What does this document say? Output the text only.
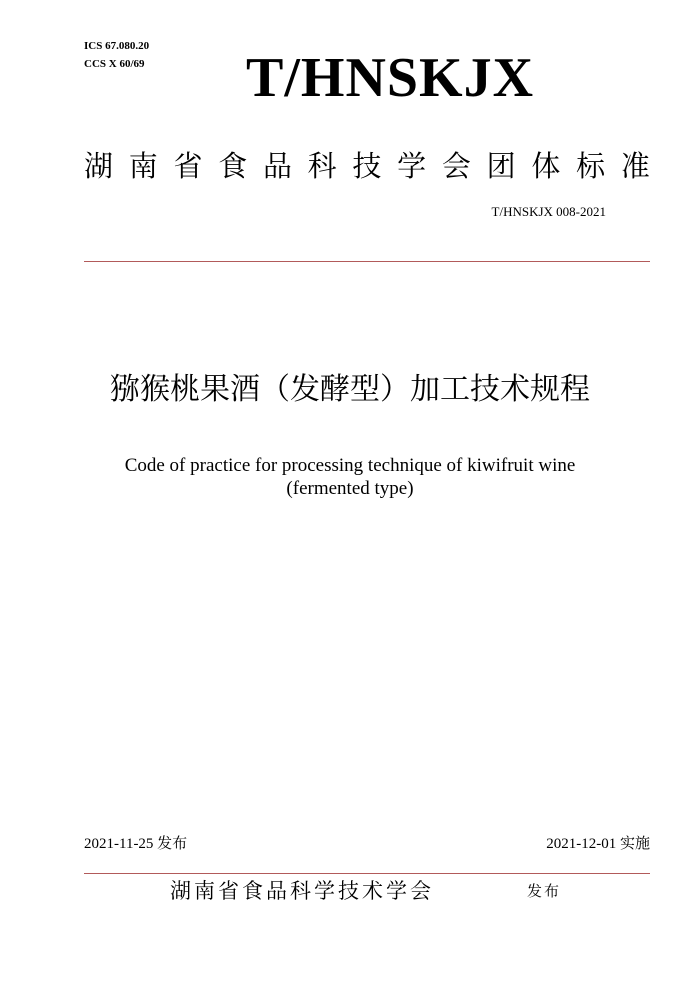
ICS 67.080.20
CCS X 60/69 T/HNSKJX
湖 南 省 食 品 科 技 学 会 团 体 标 准
T/HNSKJX 008-2021
猕猴桃果酒（发酵型）加工技术规程
Code of practice for processing technique of kiwifruit wine
(fermented type)
2021-11-25 发布	2021-12-01 实施
湖南省食品科学技术学会	发布
